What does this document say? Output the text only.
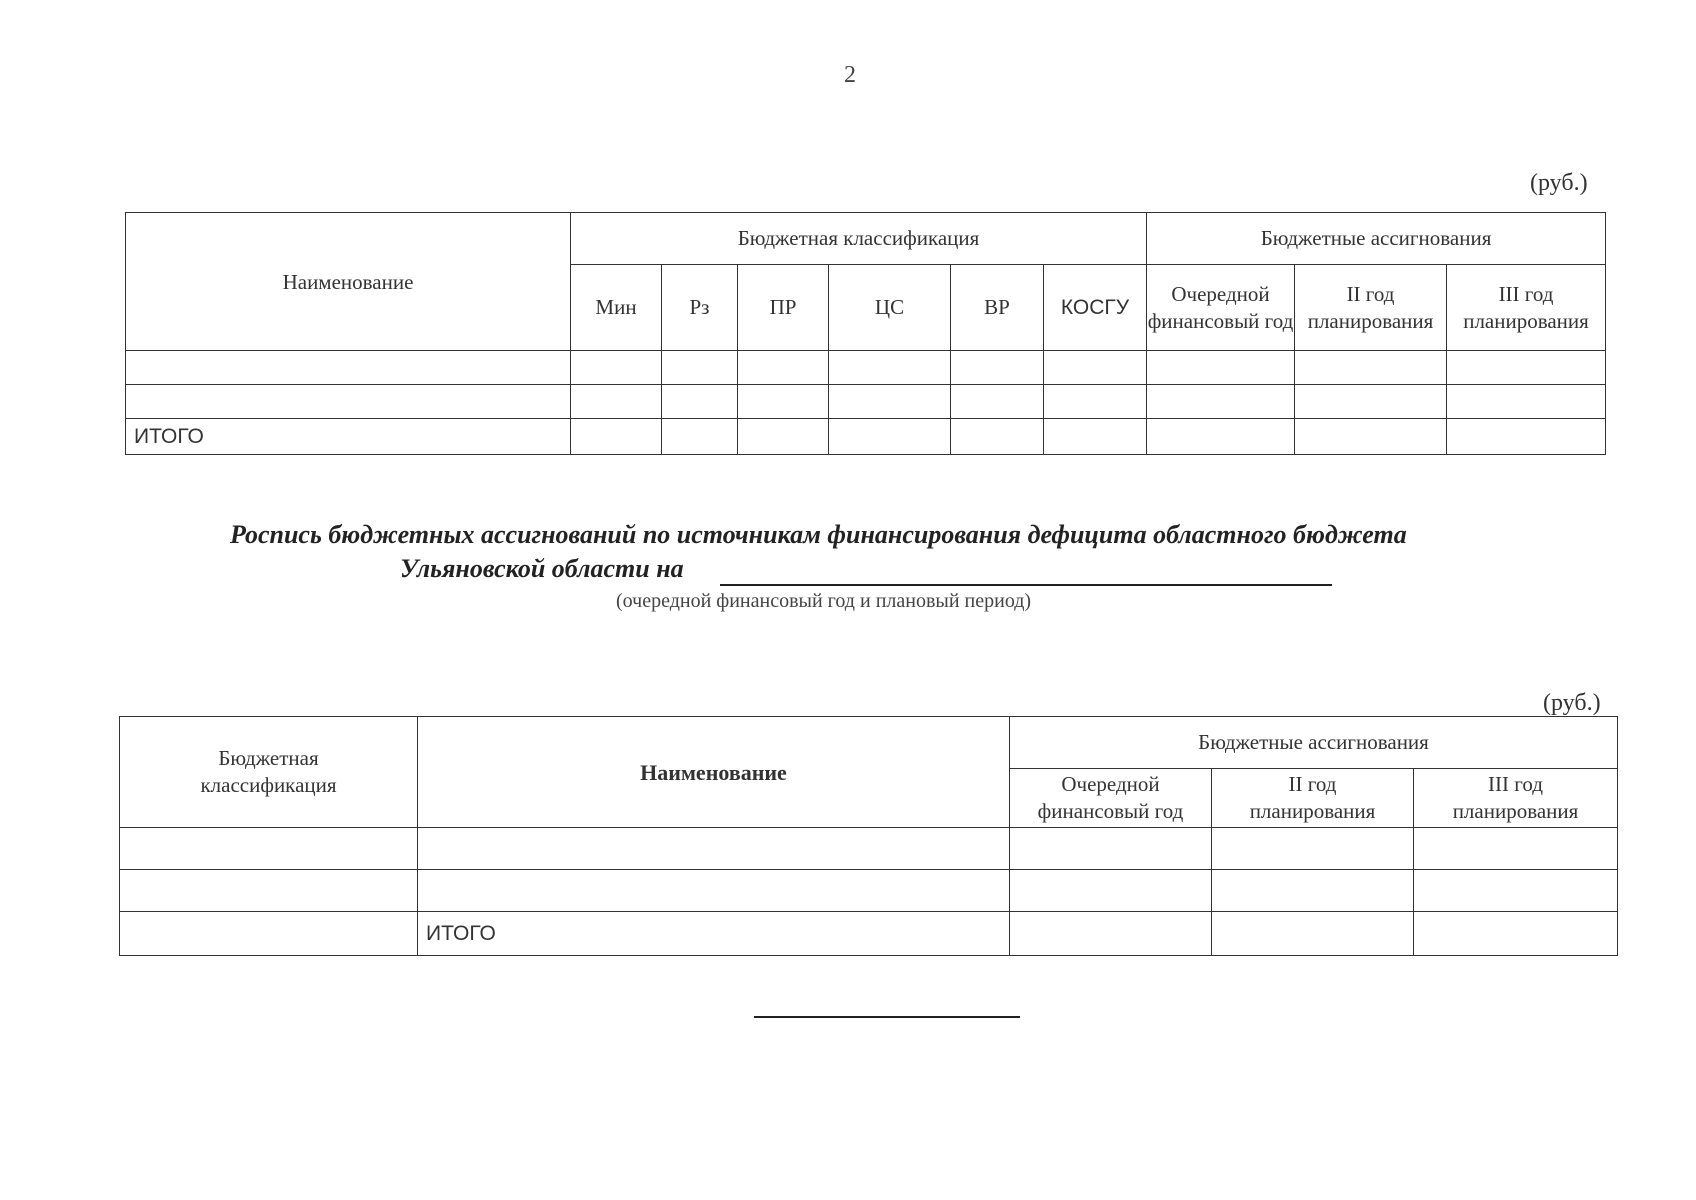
2
(руб.)
Наименование	Бюджетная классификация						Бюджетные ассигнования		
	Мин	Рз	ПР	ЦС	ВР	КОСГУ	Очередной финансовый год	II год планирования	III год планирования

ИТОГО									
Роспись бюджетных ассигнований по источникам финансирования дефицита областного бюджета
Ульяновской области на
(очередной финансовый год и плановый период)
(руб.)
Бюджетная классификация	Наименование	Бюджетные ассигнования		
		Очередной финансовый год	II год планирования	III год планирования

	ИТОГО			
